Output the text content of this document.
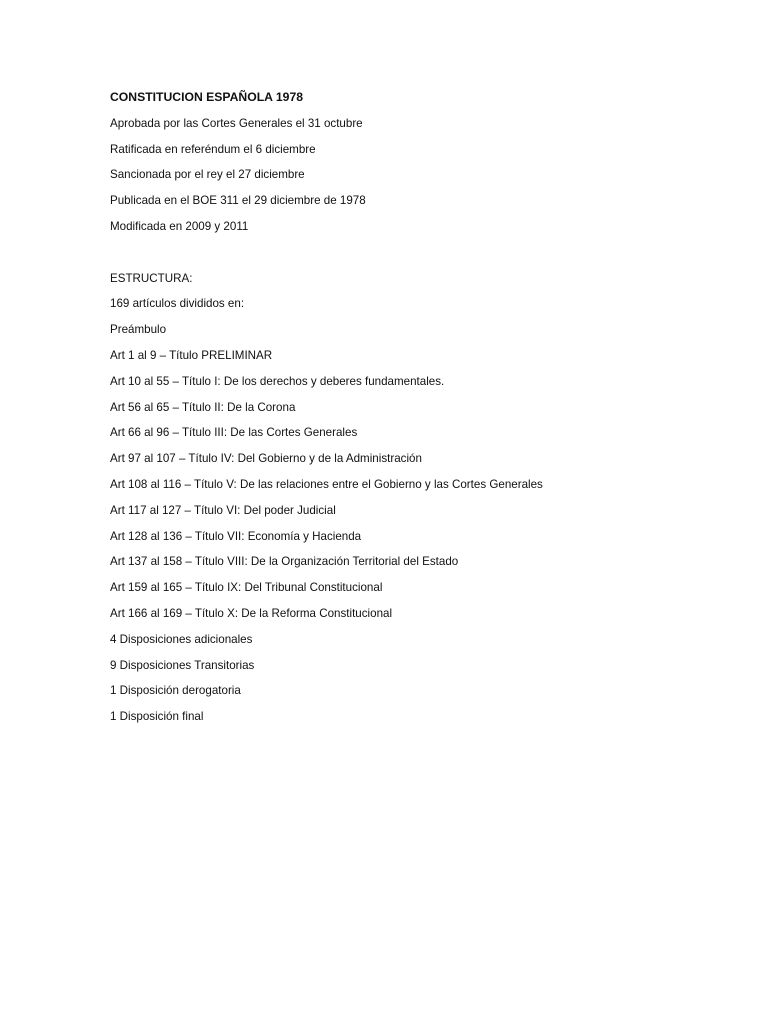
CONSTITUCION ESPAÑOLA 1978
Aprobada por las Cortes Generales el 31 octubre
Ratificada en referéndum el 6 diciembre
Sancionada por el rey el 27 diciembre
Publicada en el BOE 311 el 29 diciembre de 1978
Modificada en 2009 y 2011
ESTRUCTURA:
169 artículos divididos en:
Preámbulo
Art 1 al 9 – Título PRELIMINAR
Art 10 al 55 – Título I: De los derechos y deberes fundamentales.
Art 56 al 65 – Título II: De la Corona
Art 66 al 96 – Título III: De las Cortes Generales
Art 97 al 107 – Título IV: Del Gobierno y de la Administración
Art 108 al 116 – Título V: De las relaciones entre el Gobierno y las Cortes Generales
Art 117 al 127 – Título VI: Del poder Judicial
Art 128 al 136 – Título VII: Economía y Hacienda
Art 137 al 158 – Título VIII: De la Organización Territorial del Estado
Art 159 al 165 – Título IX: Del Tribunal Constitucional
Art 166 al 169 – Título X: De la Reforma Constitucional
4 Disposiciones adicionales
9 Disposiciones Transitorias
1 Disposición derogatoria
1 Disposición final
